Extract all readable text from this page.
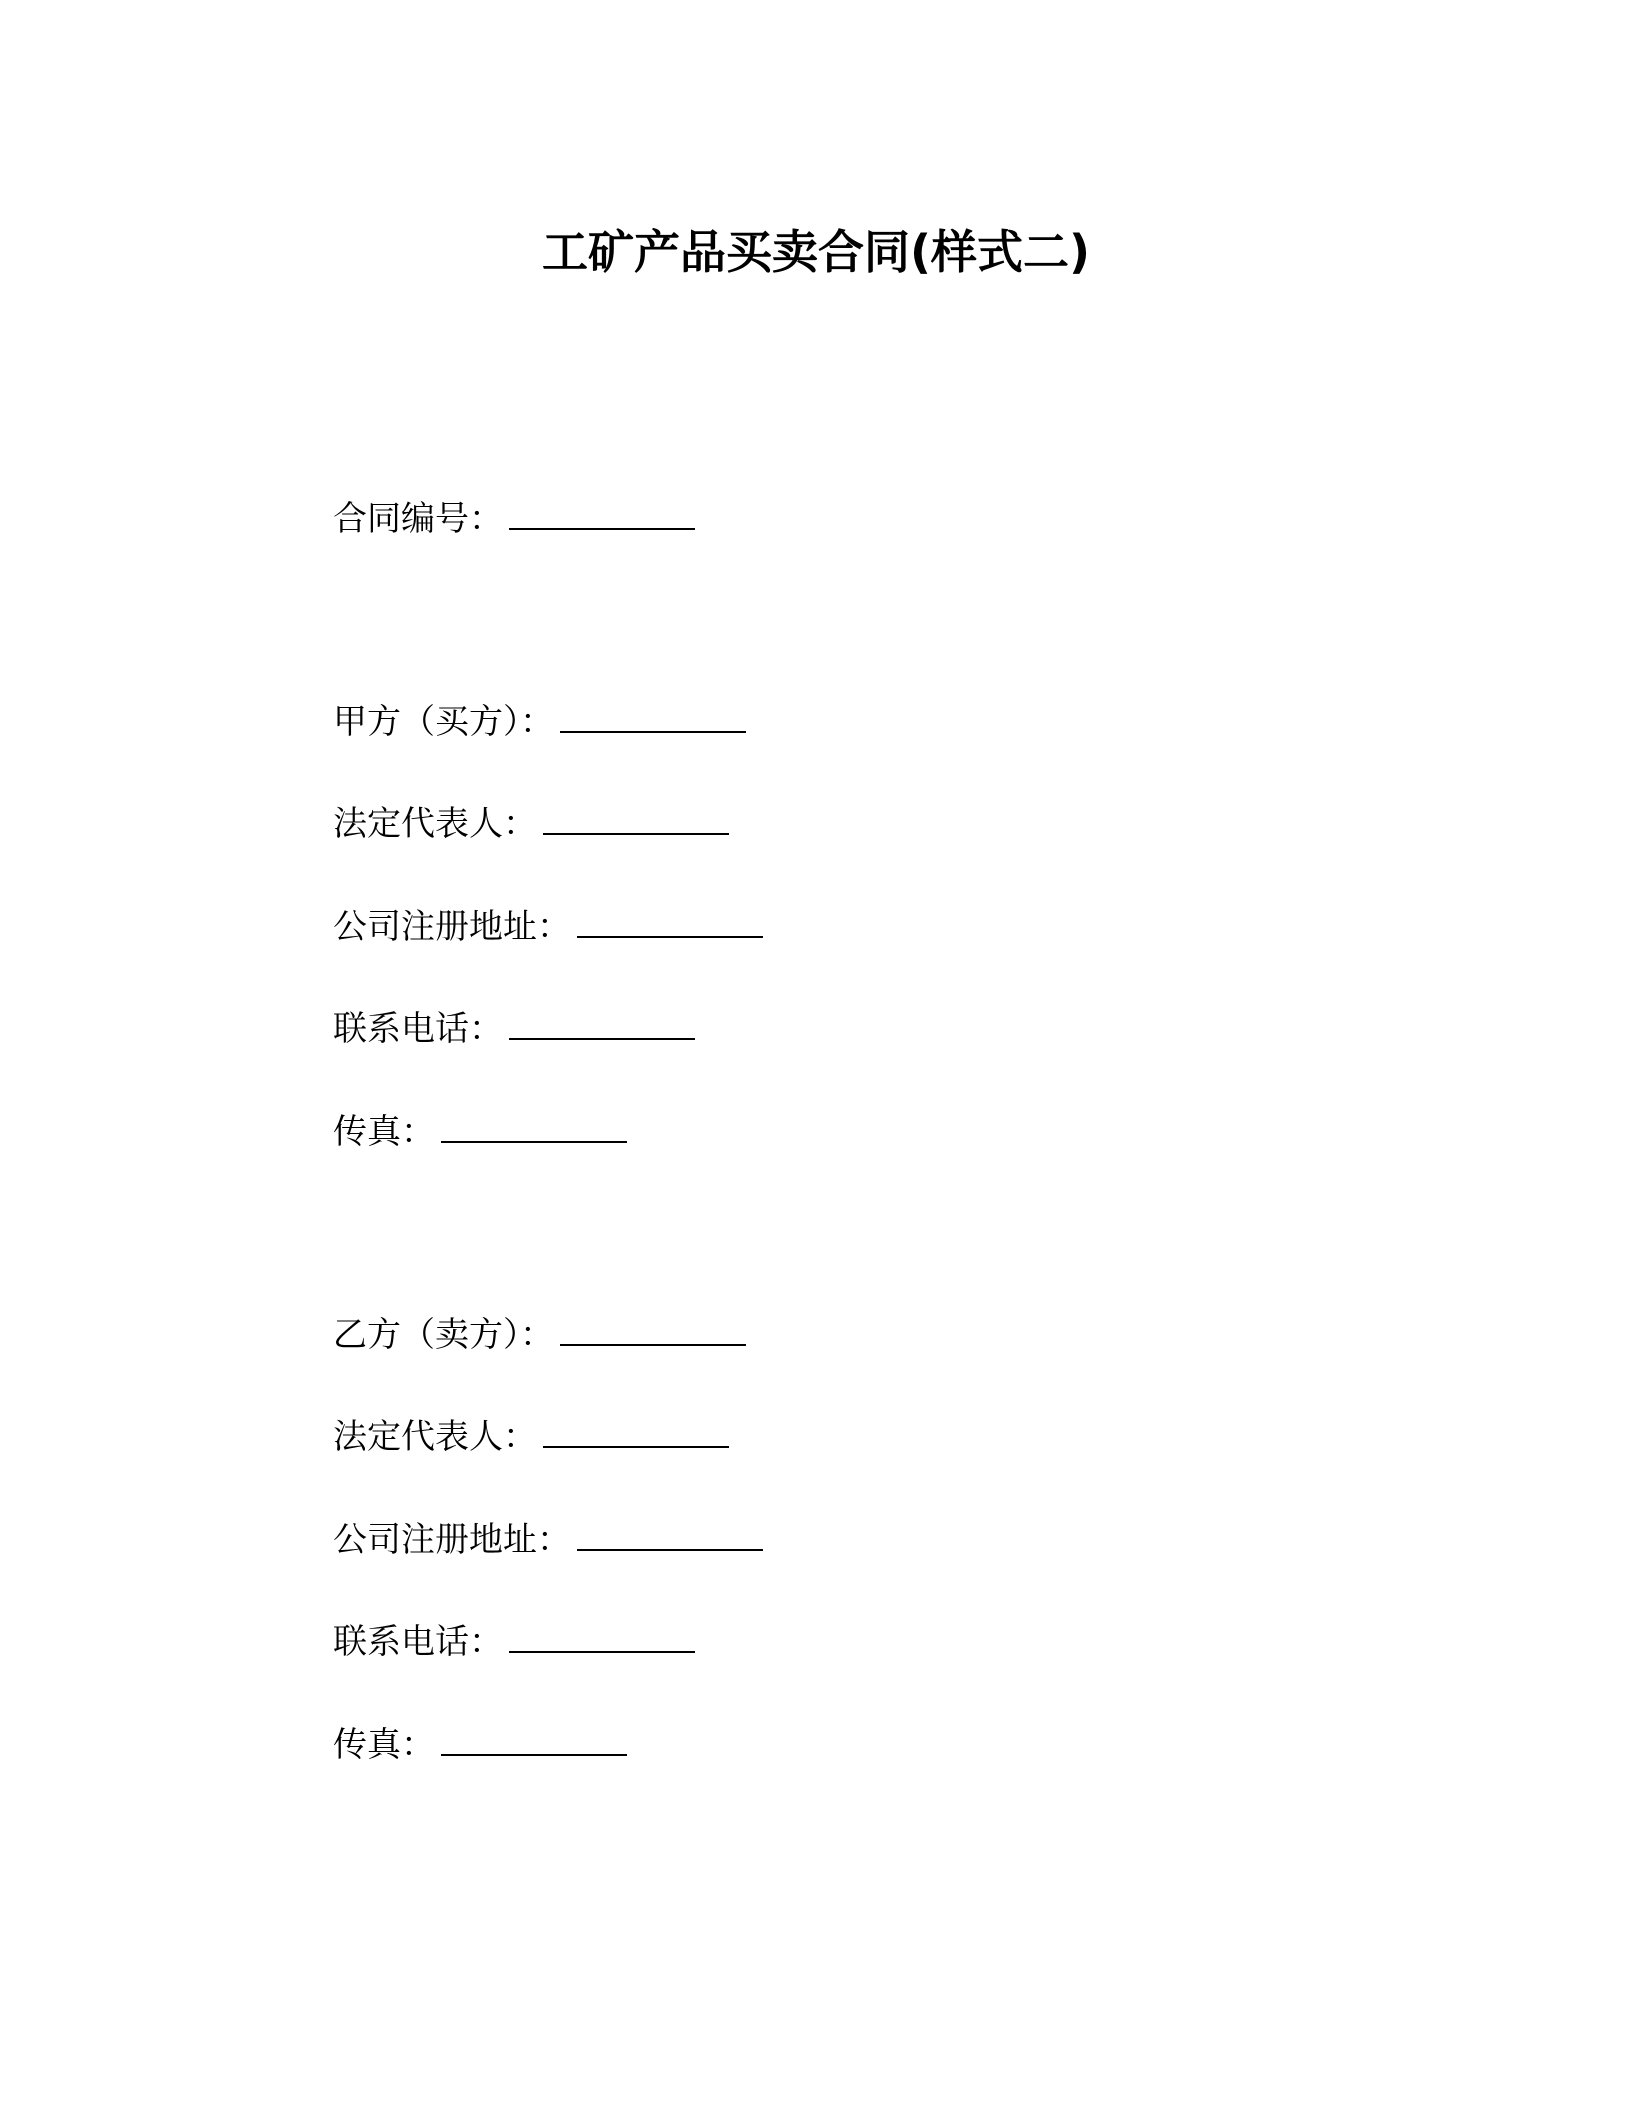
工矿产品买卖合同(样式二)
合同编号：
甲方（买方）：
法定代表人：
公司注册地址：
联系电话：
传真：
乙方（卖方）：
法定代表人：
公司注册地址：
联系电话：
传真：
